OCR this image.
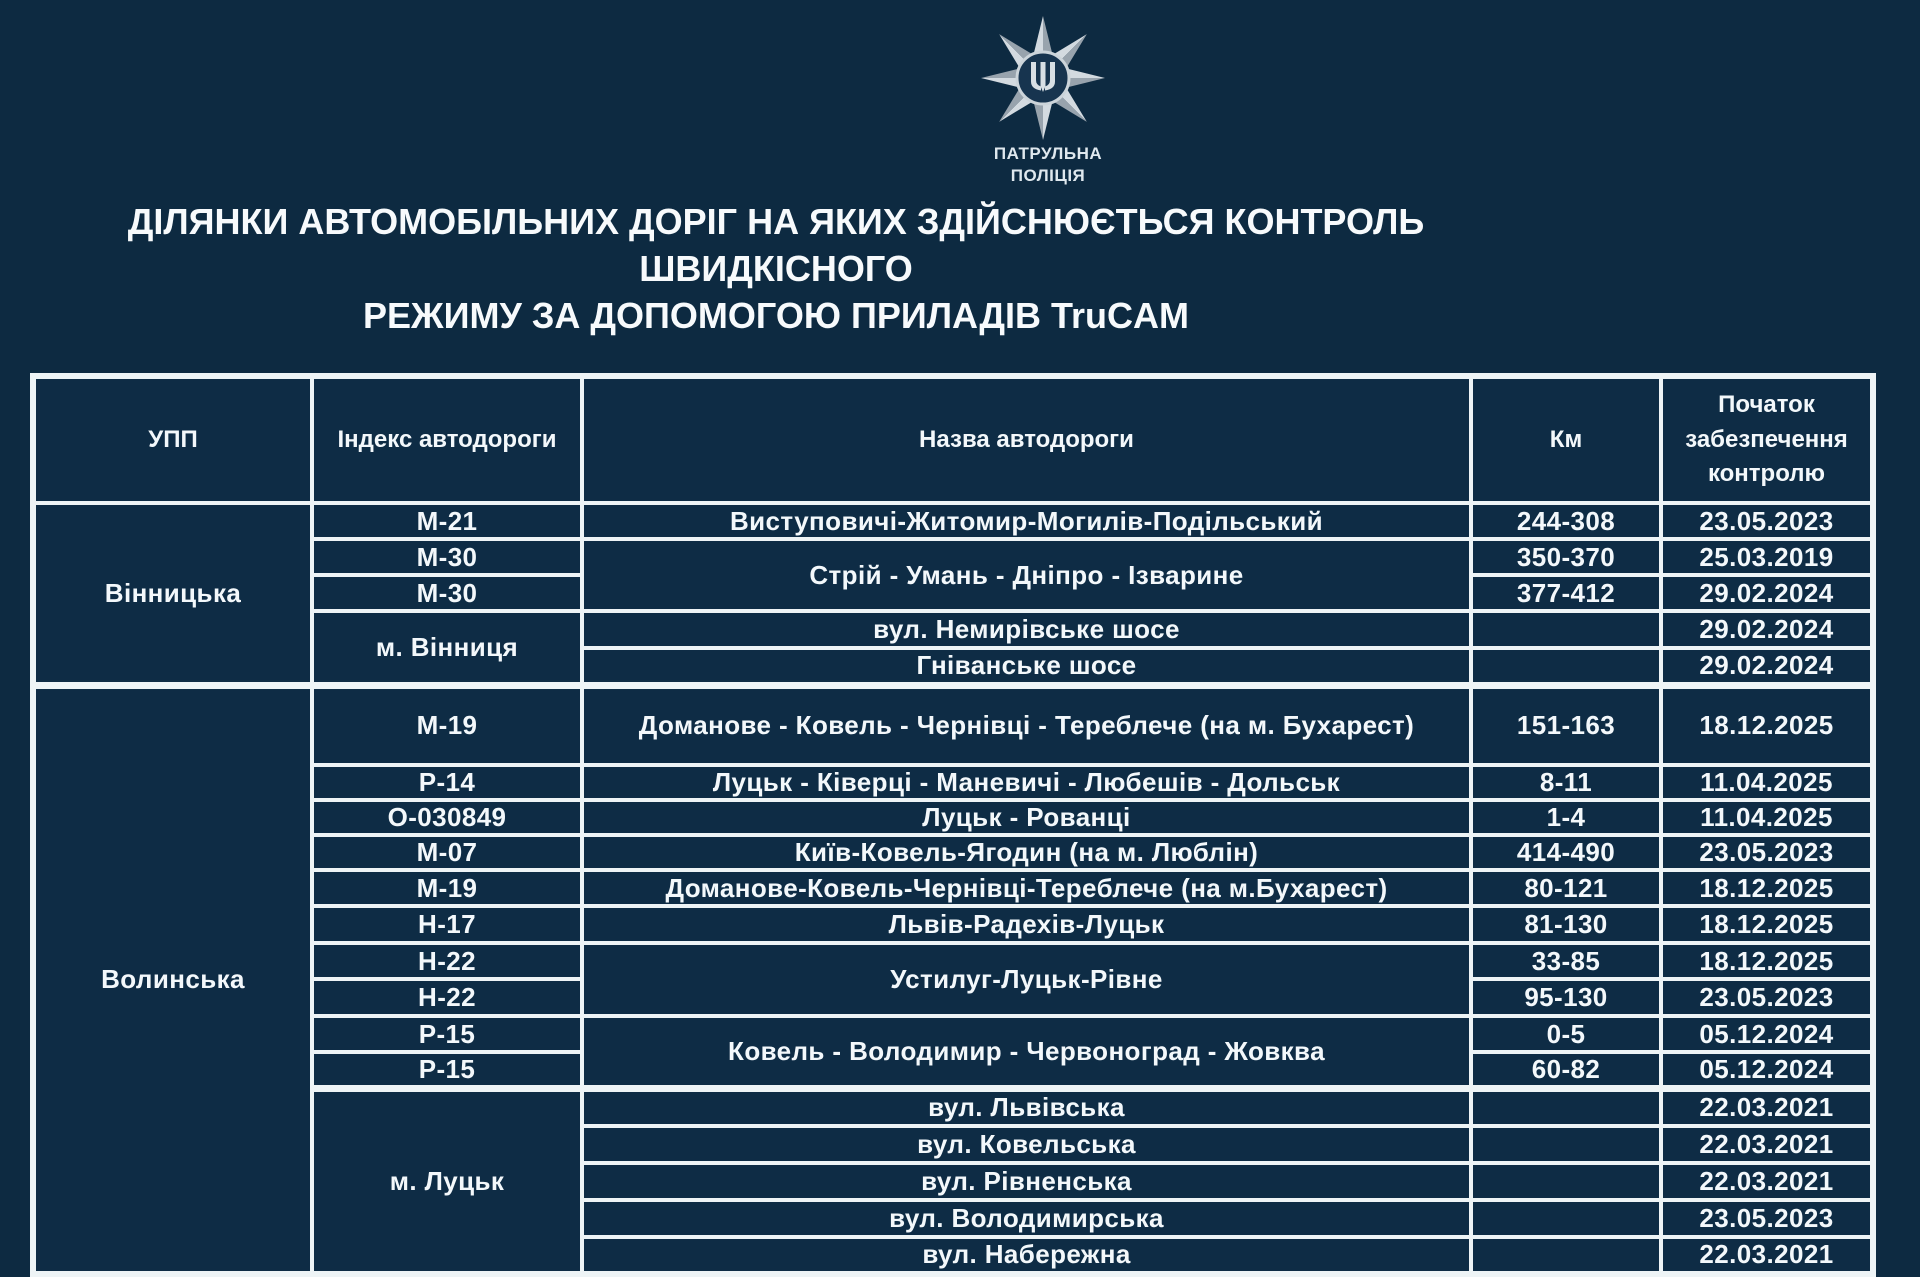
ПАТРУЛЬНА
ПОЛІЦІЯ
ДІЛЯНКИ АВТОМОБІЛЬНИХ ДОРІГ НА ЯКИХ ЗДІЙСНЮЄТЬСЯ КОНТРОЛЬ ШВИДКІСНОГО
РЕЖИМУ ЗА ДОПОМОГОЮ ПРИЛАДІВ TruCAM
УПП	Індекс автодороги	Назва автодороги	Км	Початок забезпечення контролю
Вінницька	М-21	Виступовичі-Житомир-Могилів-Подільський	244-308	23.05.2023
	М-30	Стрій - Умань - Дніпро - Ізварине	350-370	25.03.2019
	М-30		377-412	29.02.2024
	м. Вінниця	вул. Немирівське шосе		29.02.2024
		Гніванське шосе		29.02.2024
Волинська	М-19	Доманове - Ковель - Чернівці - Тереблече (на м. Бухарест)	151-163	18.12.2025
	Р-14	Луцьк - Ківерці - Маневичі - Любешів - Дольськ	8-11	11.04.2025
	О-030849	Луцьк - Рованці	1-4	11.04.2025
	М-07	Київ-Ковель-Ягодин (на м. Люблін)	414-490	23.05.2023
	М-19	Доманове-Ковель-Чернівці-Тереблече (на м.Бухарест)	80-121	18.12.2025
	Н-17	Львів-Радехів-Луцьк	81-130	18.12.2025
	Н-22	Устилуг-Луцьк-Рівне	33-85	18.12.2025
	Н-22		95-130	23.05.2023
	Р-15	Ковель - Володимир - Червоноград - Жовква	0-5	05.12.2024
	Р-15		60-82	05.12.2024
	м. Луцьк	вул. Львівська		22.03.2021
		вул. Ковельська		22.03.2021
		вул. Рівненська		22.03.2021
		вул. Володимирська		23.05.2023
		вул. Набережна		22.03.2021
